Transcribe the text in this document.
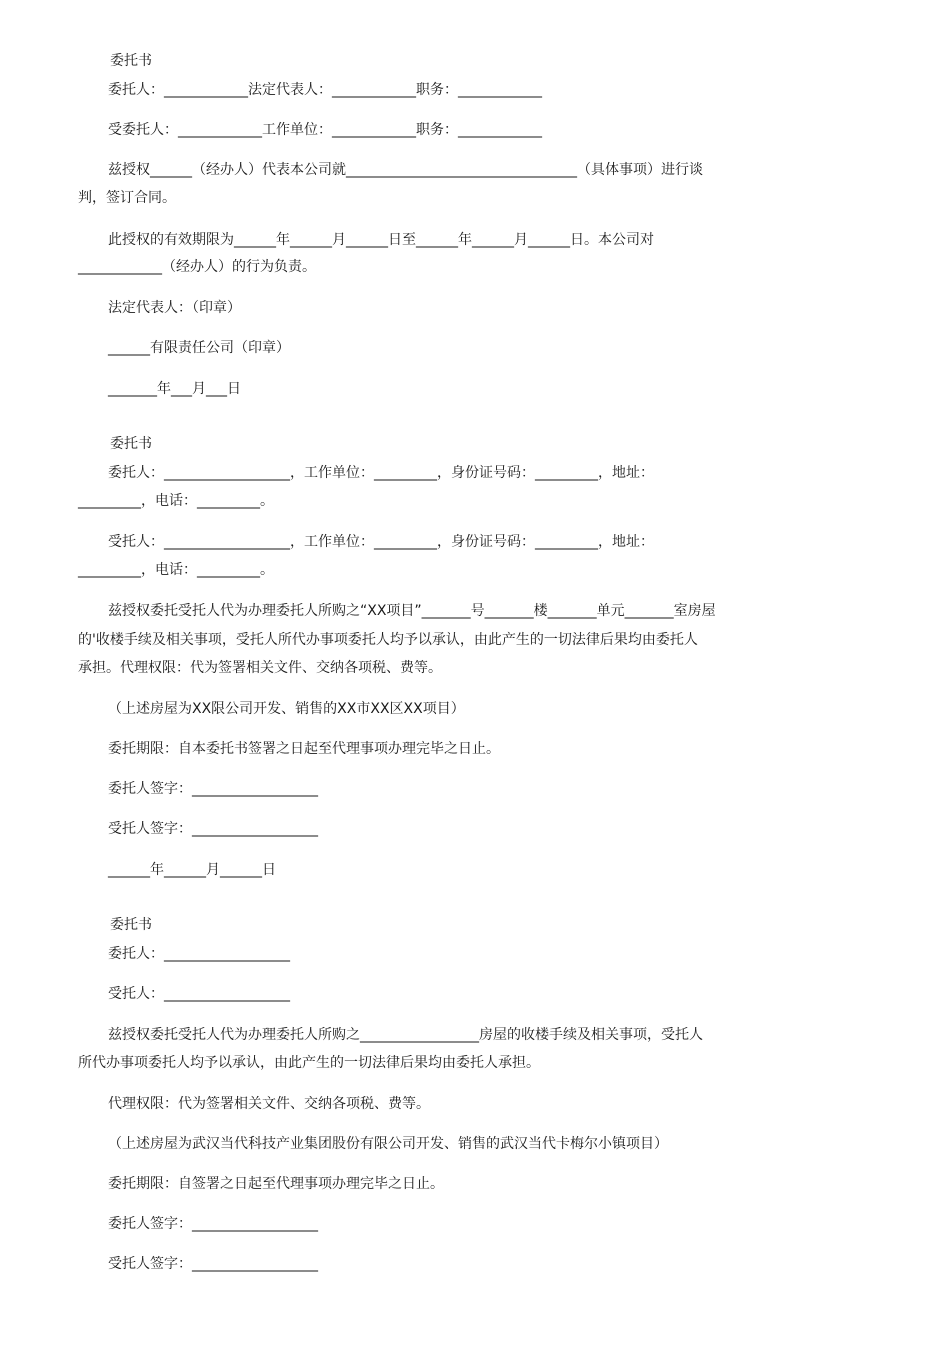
委托书
委托人：____________法定代表人：____________职务：____________
受委托人：____________工作单位：____________职务：____________
兹授权______（经办人）代表本公司就_________________________________（具体事项）进行谈
判，签订合同。
此授权的有效期限为______年______月______日至______年______月______日。本公司对
____________（经办人）的行为负责。
法定代表人：（印章）
______有限责任公司（印章）
_______年___月___日
委托书
委托人：__________________，工作单位：_________，身份证号码：_________，地址：
_________，电话：_________。
受托人：__________________，工作单位：_________，身份证号码：_________，地址：
_________，电话：_________。
兹授权委托受托人代为办理委托人所购之“XX项目”_______号_______楼_______单元_______室房屋
的'收楼手续及相关事项，受托人所代办事项委托人均予以承认，由此产生的一切法律后果均由委托人
承担。代理权限：代为签署相关文件、交纳各项税、费等。
（上述房屋为XX限公司开发、销售的XX市XX区XX项目）
委托期限：自本委托书签署之日起至代理事项办理完毕之日止。
委托人签字：__________________
受托人签字：__________________
______年______月______日
委托书
委托人：__________________
受托人：__________________
兹授权委托受托人代为办理委托人所购之_________________房屋的收楼手续及相关事项，受托人
所代办事项委托人均予以承认，由此产生的一切法律后果均由委托人承担。
代理权限：代为签署相关文件、交纳各项税、费等。
（上述房屋为武汉当代科技产业集团股份有限公司开发、销售的武汉当代卡梅尔小镇项目）
委托期限：自签署之日起至代理事项办理完毕之日止。
委托人签字：__________________
受托人签字：__________________
